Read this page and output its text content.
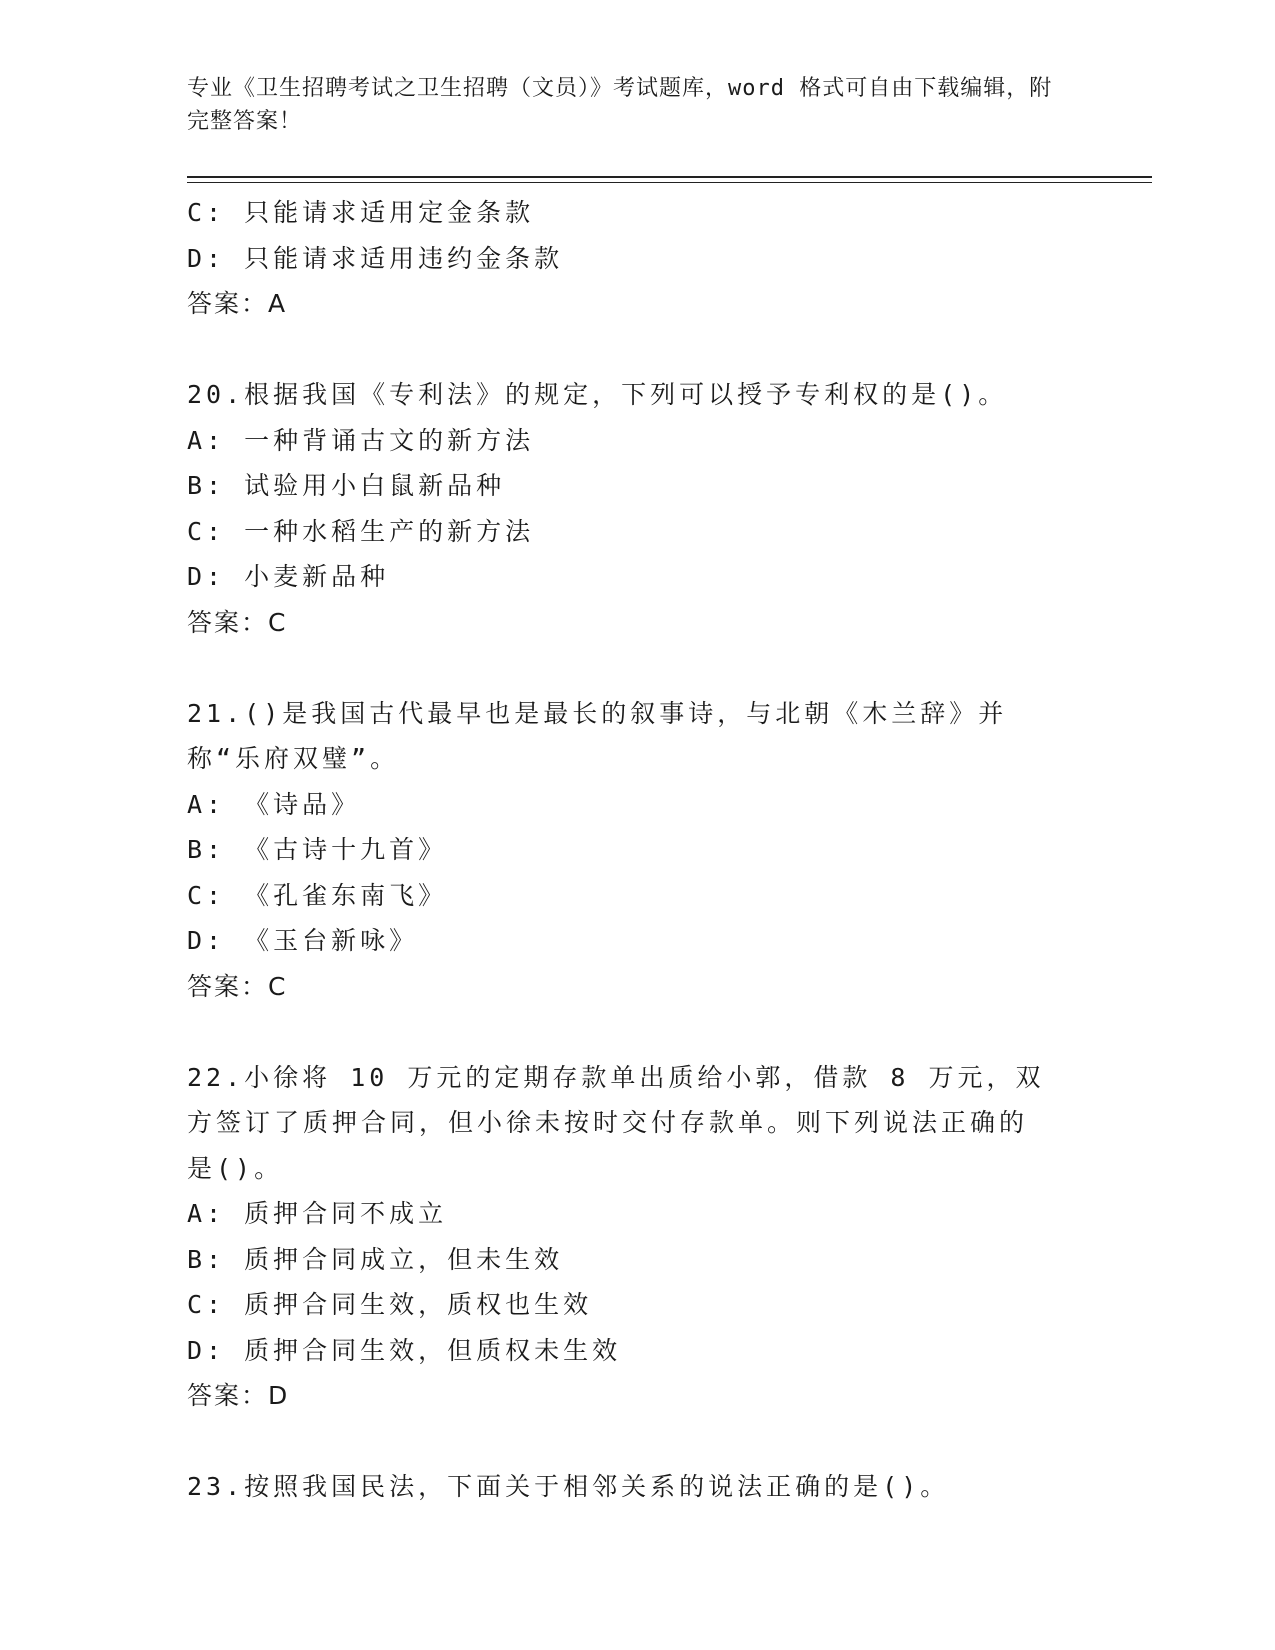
专业《卫生招聘考试之卫生招聘（文员）》考试题库，word 格式可自由下载编辑，附完整答案！
C: 只能请求适用定金条款
D: 只能请求适用违约金条款
答案：A
20.根据我国《专利法》的规定，下列可以授予专利权的是()。
A: 一种背诵古文的新方法
B: 试验用小白鼠新品种
C: 一种水稻生产的新方法
D: 小麦新品种
答案：C
21.()是我国古代最早也是最长的叙事诗，与北朝《木兰辞》并称“乐府双璧”。
A: 《诗品》
B: 《古诗十九首》
C: 《孔雀东南飞》
D: 《玉台新咏》
答案：C
22.小徐将 10 万元的定期存款单出质给小郭，借款 8 万元，双方签订了质押合同，但小徐未按时交付存款单。则下列说法正确的是()。
A: 质押合同不成立
B: 质押合同成立，但未生效
C: 质押合同生效，质权也生效
D: 质押合同生效，但质权未生效
答案：D
23.按照我国民法，下面关于相邻关系的说法正确的是()。
